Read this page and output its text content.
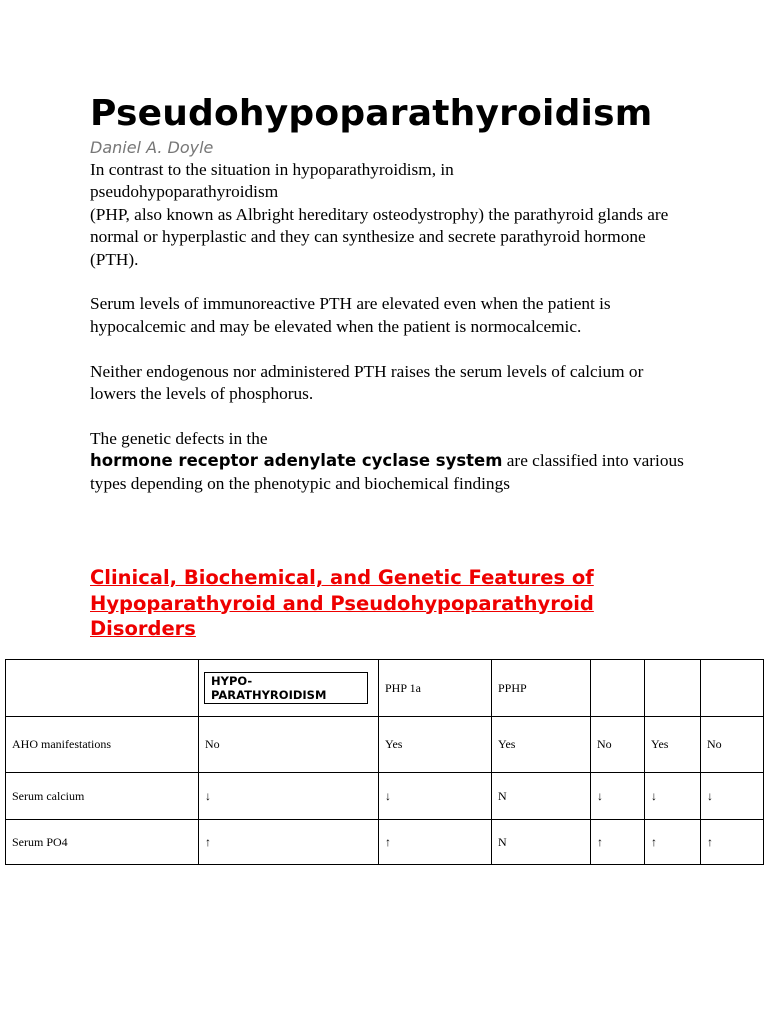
Pseudohypoparathyroidism
Daniel A. Doyle

In contrast to the situation in hypoparathyroidism, in
pseudohypoparathyroidism
(PHP, also known as Albright hereditary osteodystrophy) the parathyroid glands are normal or hyperplastic and they can synthesize and secrete parathyroid hormone (PTH).

Serum levels of immunoreactive PTH are elevated even when the patient is hypocalcemic and may be elevated when the patient is normocalcemic.

Neither endogenous nor administered PTH raises the serum levels of calcium or lowers the levels of phosphorus.

The genetic defects in the
hormone receptor adenylate cyclase system are classified into various types depending on the phenotypic and biochemical findings

Clinical, Biochemical, and Genetic Features of Hypoparathyroid and Pseudohypoparathyroid Disorders
	HYPO-PARATHYROIDISM	PHP 1a	PPHP			
AHO manifestations	No	Yes	Yes	No	Yes	No
Serum calcium	↓	↓	N	↓	↓	↓
Serum PO4	↑	↑	N	↑	↑	↑
